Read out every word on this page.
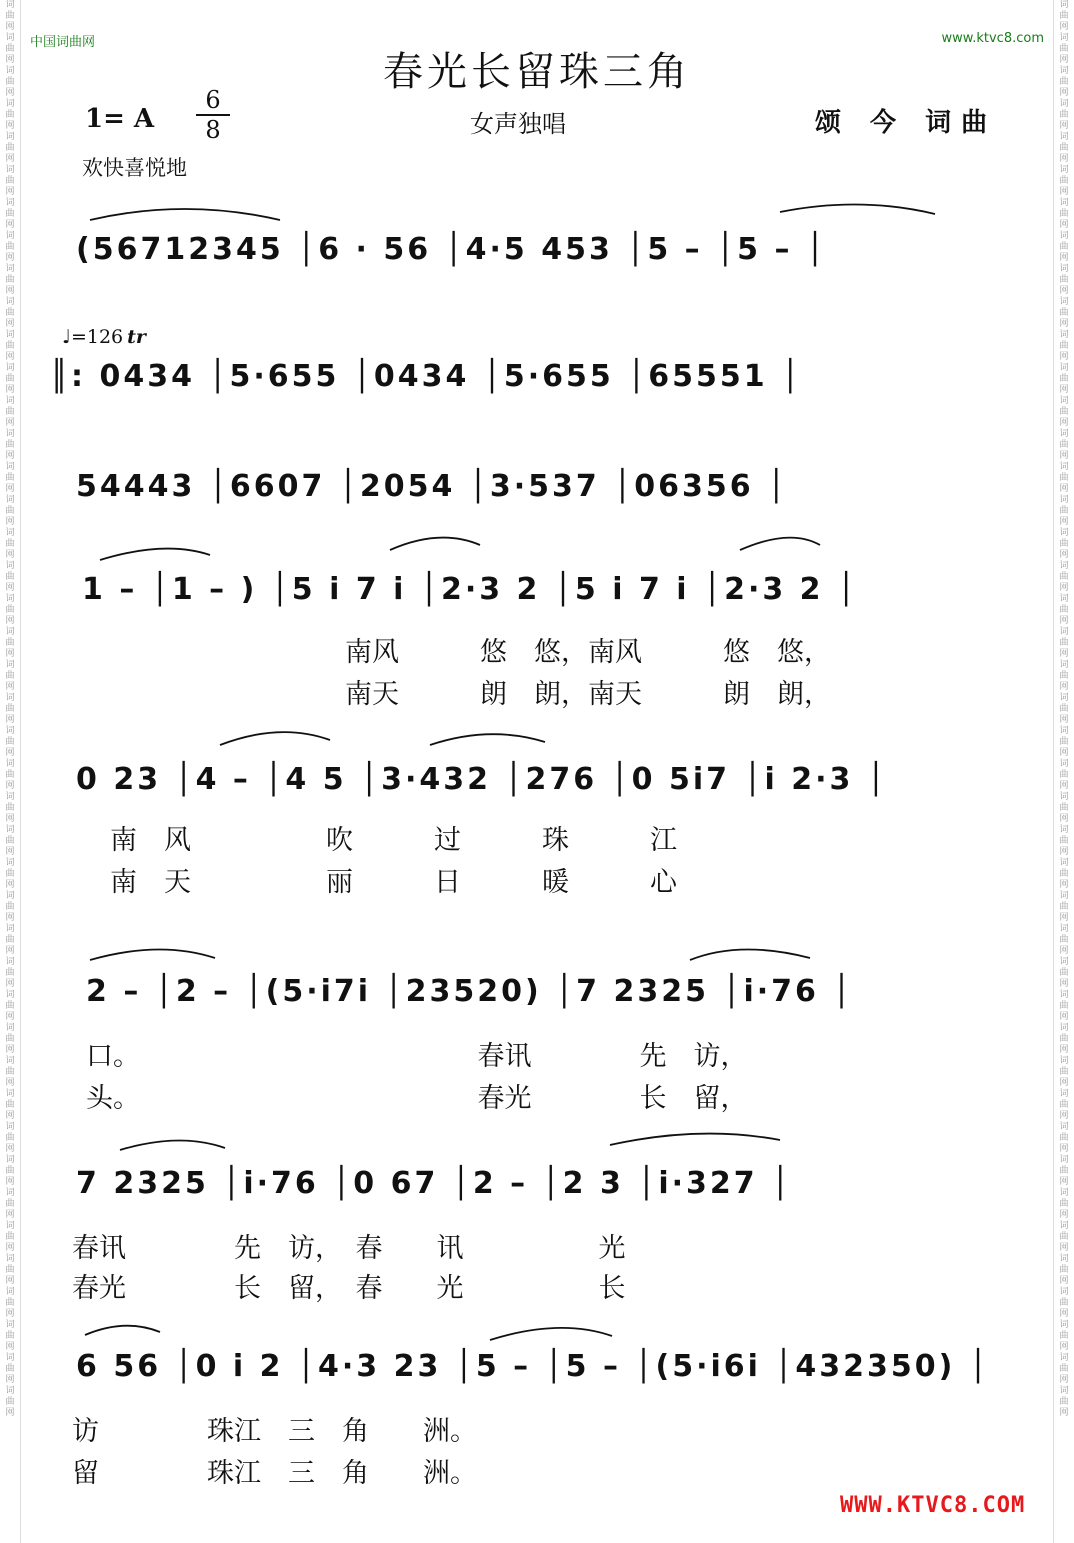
词曲网词曲网词曲网词曲网词曲网词曲网词曲网词曲网词曲网词曲网词曲网词曲网词曲网词曲网词曲网词曲网词曲网词曲网词曲网词曲网词曲网词曲网词曲网词曲网词曲网词曲网词曲网词曲网词曲网词曲网词曲网词曲网词曲网词曲网词曲网词曲网词曲网词曲网词曲网词曲网词曲网词曲网词曲网
词曲网词曲网词曲网词曲网词曲网词曲网词曲网词曲网词曲网词曲网词曲网词曲网词曲网词曲网词曲网词曲网词曲网词曲网词曲网词曲网词曲网词曲网词曲网词曲网词曲网词曲网词曲网词曲网词曲网词曲网词曲网词曲网词曲网词曲网词曲网词曲网词曲网词曲网词曲网词曲网词曲网词曲网词曲网
中国词曲网	www.ktvc8.com
春光长留珠三角
1= A
6
8	女声独唱	颂 今 词曲
欢快喜悦地
♩=126 tr
(56712345 │6 · 56 │4·5 453 │5 – │5 – │
║: 0434 │5·655 │0434 │5·655 │65551 │
54443 │6607 │2054 │3·537 │06356 │
1 – │1 – ) │5 i 7 i │2·3 2 │5 i 7 i │2·3 2 │
南风　　　悠　悠，南风　　　悠　悠，
南天　　　朗　朗，南天　　　朗　朗，
0 23 │4 – │4 5 │3·432 │276 │0 5i7 │i 2·3 │
南　风　　　　　吹　　　过　　　珠　　　江
南　天　　　　　丽　　　日　　　暖　　　心
2 – │2 – │(5·i7i │23520) │7 2325 │i·76 │
口。　　　　　　　　　　　　　春讯　　　　先　访，
头。　　　　　　　　　　　　　春光　　　　长　留，
7 2325 │i·76 │0 67 │2 – │2 3 │i·327 │
春讯　　　　先　访，　春　　讯　　　　　光
春光　　　　长　留，　春　　光　　　　　长
6 56 │0 i 2 │4·3 23 │5 – │5 – │(5·i6i │432350) │
访　　　　珠江　三　角　　洲。
留　　　　珠江　三　角　　洲。
WWW.KTVC8.COM
